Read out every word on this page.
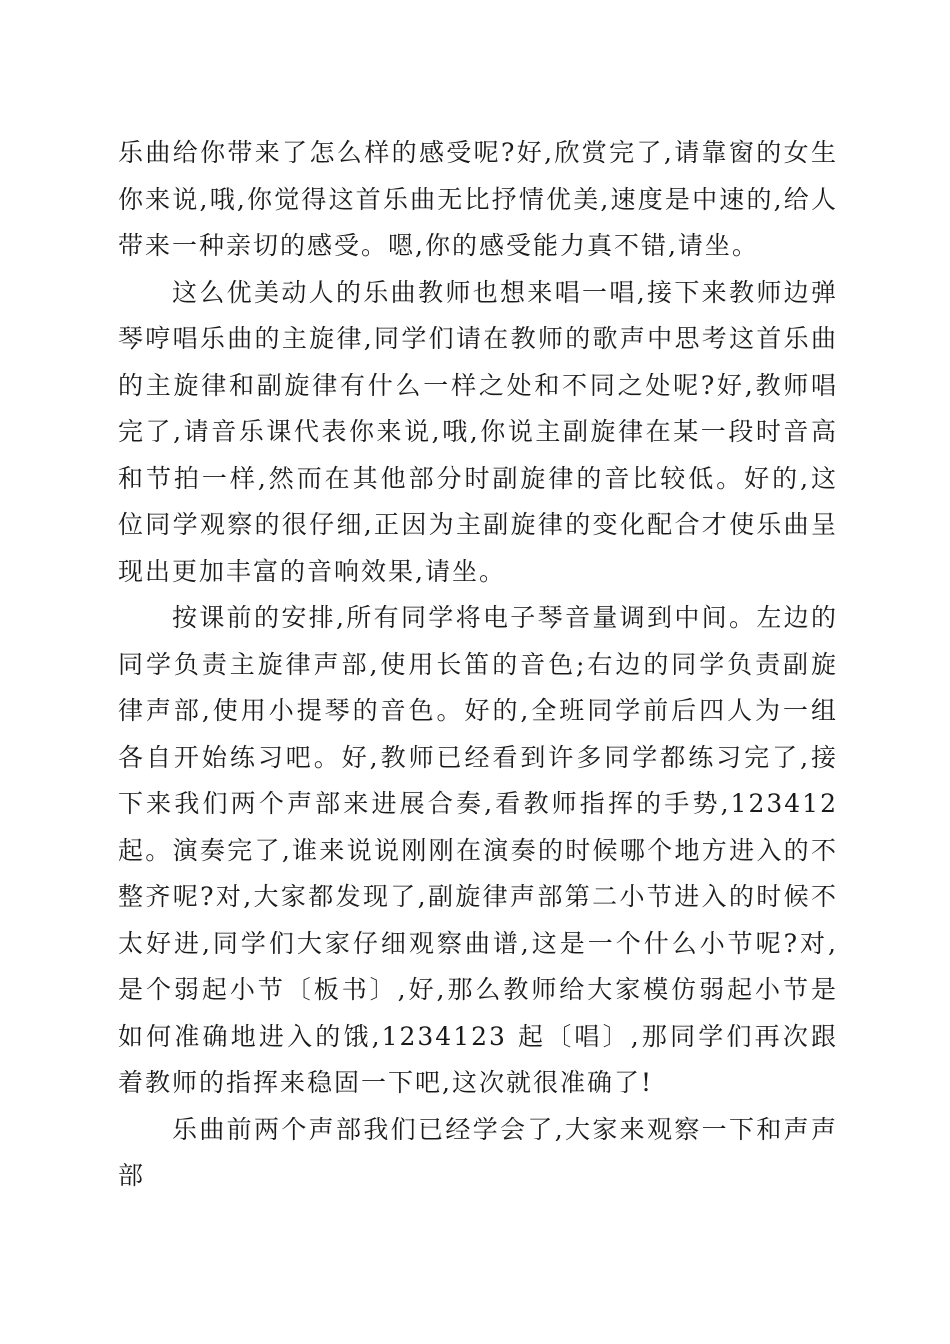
乐曲给你带来了怎么样的感受呢?好,欣赏完了,请靠窗的女生你来说,哦,你觉得这首乐曲无比抒情优美,速度是中速的,给人带来一种亲切的感受。嗯,你的感受能力真不错,请坐。

这么优美动人的乐曲教师也想来唱一唱,接下来教师边弹琴哼唱乐曲的主旋律,同学们请在教师的歌声中思考这首乐曲的主旋律和副旋律有什么一样之处和不同之处呢?好,教师唱完了,请音乐课代表你来说,哦,你说主副旋律在某一段时音高和节拍一样,然而在其他部分时副旋律的音比较低。好的,这位同学观察的很仔细,正因为主副旋律的变化配合才使乐曲呈现出更加丰富的音响效果,请坐。

按课前的安排,所有同学将电子琴音量调到中间。左边的同学负责主旋律声部,使用长笛的音色;右边的同学负责副旋律声部,使用小提琴的音色。好的,全班同学前后四人为一组各自开始练习吧。好,教师已经看到许多同学都练习完了,接下来我们两个声部来进展合奏,看教师指挥的手势,123412 起。演奏完了,谁来说说刚刚在演奏的时候哪个地方进入的不整齐呢?对,大家都发现了,副旋律声部第二小节进入的时候不太好进,同学们大家仔细观察曲谱,这是一个什么小节呢?对,是个弱起小节〔板书〕,好,那么教师给大家模仿弱起小节是如何准确地进入的饿,1234123 起〔唱〕,那同学们再次跟着教师的指挥来稳固一下吧,这次就很准确了!

乐曲前两个声部我们已经学会了,大家来观察一下和声声部
